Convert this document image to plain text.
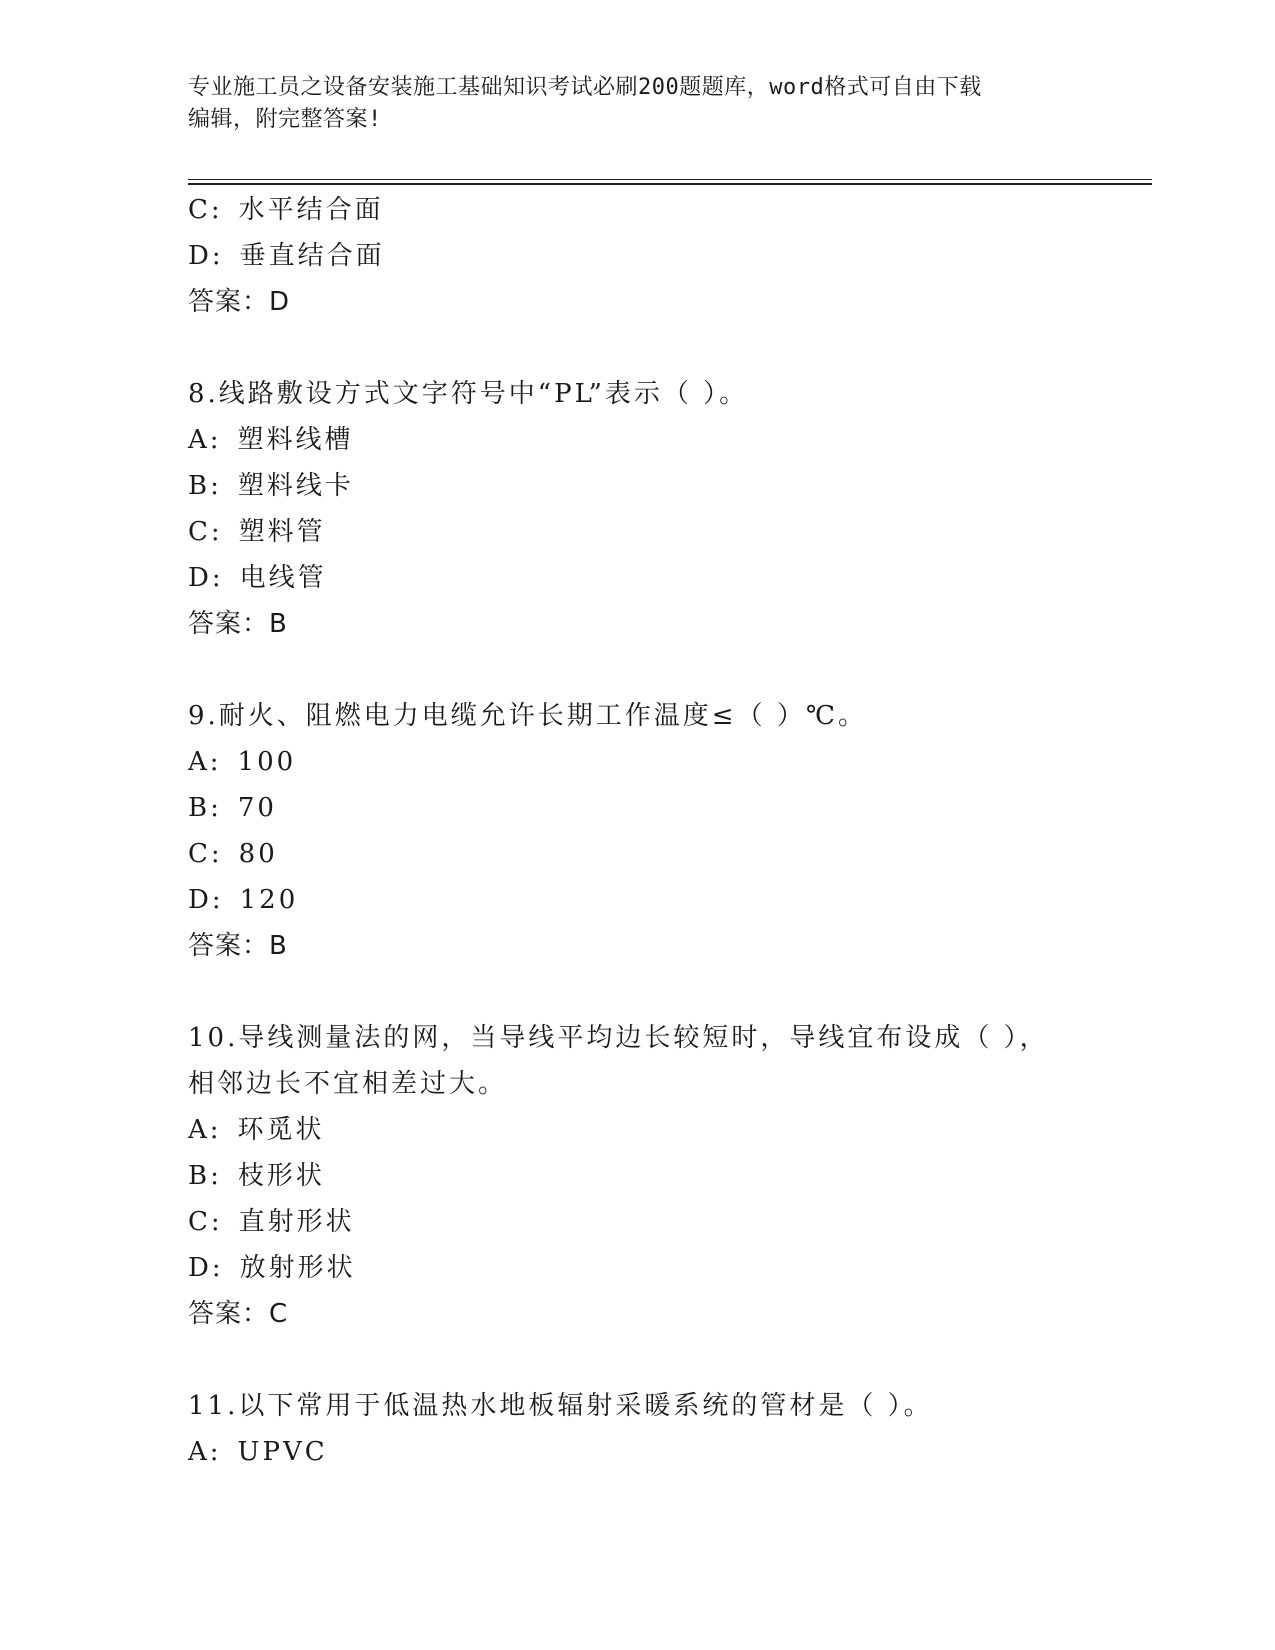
专业施工员之设备安装施工基础知识考试必刷200题题库，word格式可自由下载
编辑，附完整答案!
C: 水平结合面
D: 垂直结合面
答案：D
8.线路敷设方式文字符号中“PL”表示（ ）。
A: 塑料线槽
B: 塑料线卡
C: 塑料管
D: 电线管
答案：B
9.耐火、阻燃电力电缆允许长期工作温度≤（ ）℃。
A: 100
B: 70
C: 80
D: 120
答案：B
10.导线测量法的网，当导线平均边长较短时，导线宜布设成（ ），
相邻边长不宜相差过大。
A: 环觅状
B: 枝形状
C: 直射形状
D: 放射形状
答案：C
11.以下常用于低温热水地板辐射采暖系统的管材是（ ）。
A: UPVC
